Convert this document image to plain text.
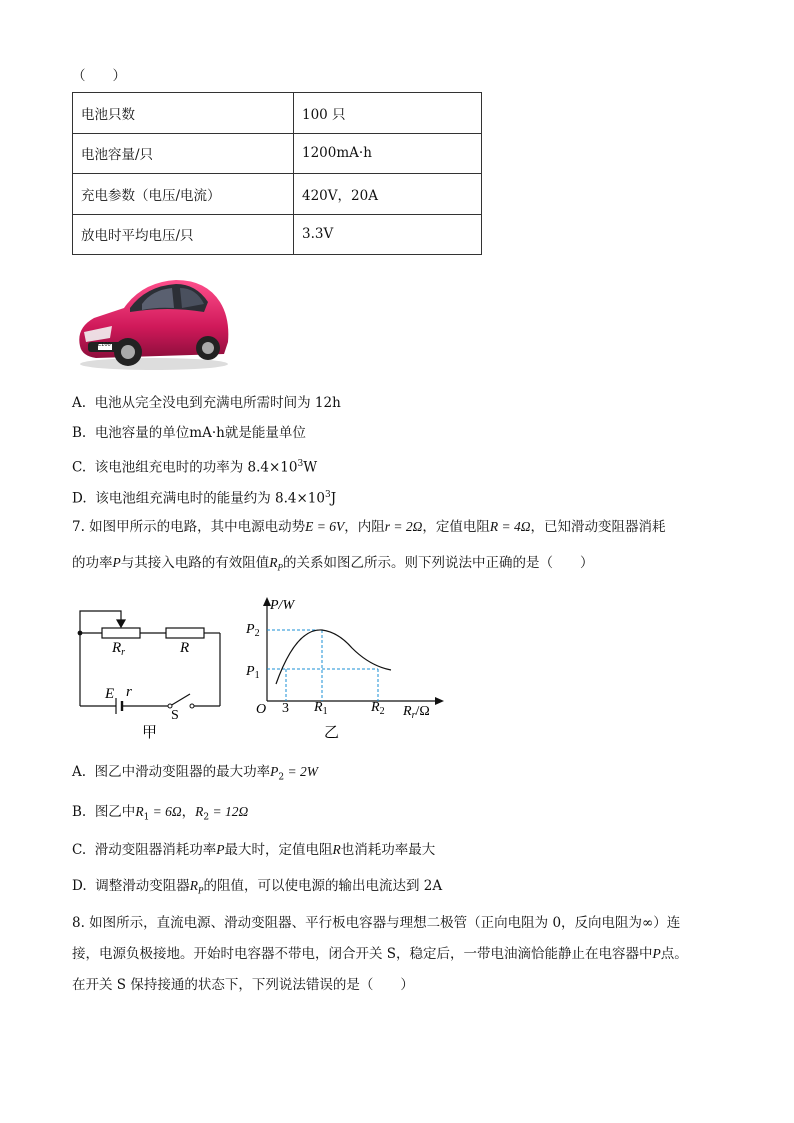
（　　）
电池只数	100 只
电池容量/只	1200mA·h
充电参数（电压/电流）	420V，20A
放电时平均电压/只	3.3V
E100
A. 电池从完全没电到充满电所需时间为 12h
B. 电池容量的单位mA·h就是能量单位
C. 该电池组充电时的功率为 $8.4\times 10^3W$
D. 该电池组充满电时的能量约为 $8.4\times 10^3J$
7. 如图甲所示的电路，其中电源电动势E = 6V，内阻r = 2Ω，定值电阻R = 4Ω，已知滑动变阻器消耗
的功率P与其接入电路的有效阻值$R_P$的关系如图乙所示。则下列说法中正确的是（　　）
$R_r$	R
E r
S
甲
P/W
$P_2$
$P_1$
O 3 $R_1$	$R_2$ $R_r/\Omega$
乙
A. 图乙中滑动变阻器的最大功率$P_2 = 2W$
B. 图乙中$R_1 = 6\Omega$，$R_2 = 12\Omega$
C. 滑动变阻器消耗功率P最大时，定值电阻R也消耗功率最大
D. 调整滑动变阻器$R_P$的阻值，可以使电源的输出电流达到 2A
8. 如图所示，直流电源、滑动变阻器、平行板电容器与理想二极管（正向电阻为 0，反向电阻为∞）连
接，电源负极接地。开始时电容器不带电，闭合开关 S，稳定后，一带电油滴恰能静止在电容器中P点。
在开关 S 保持接通的状态下，下列说法错误的是（　　）
